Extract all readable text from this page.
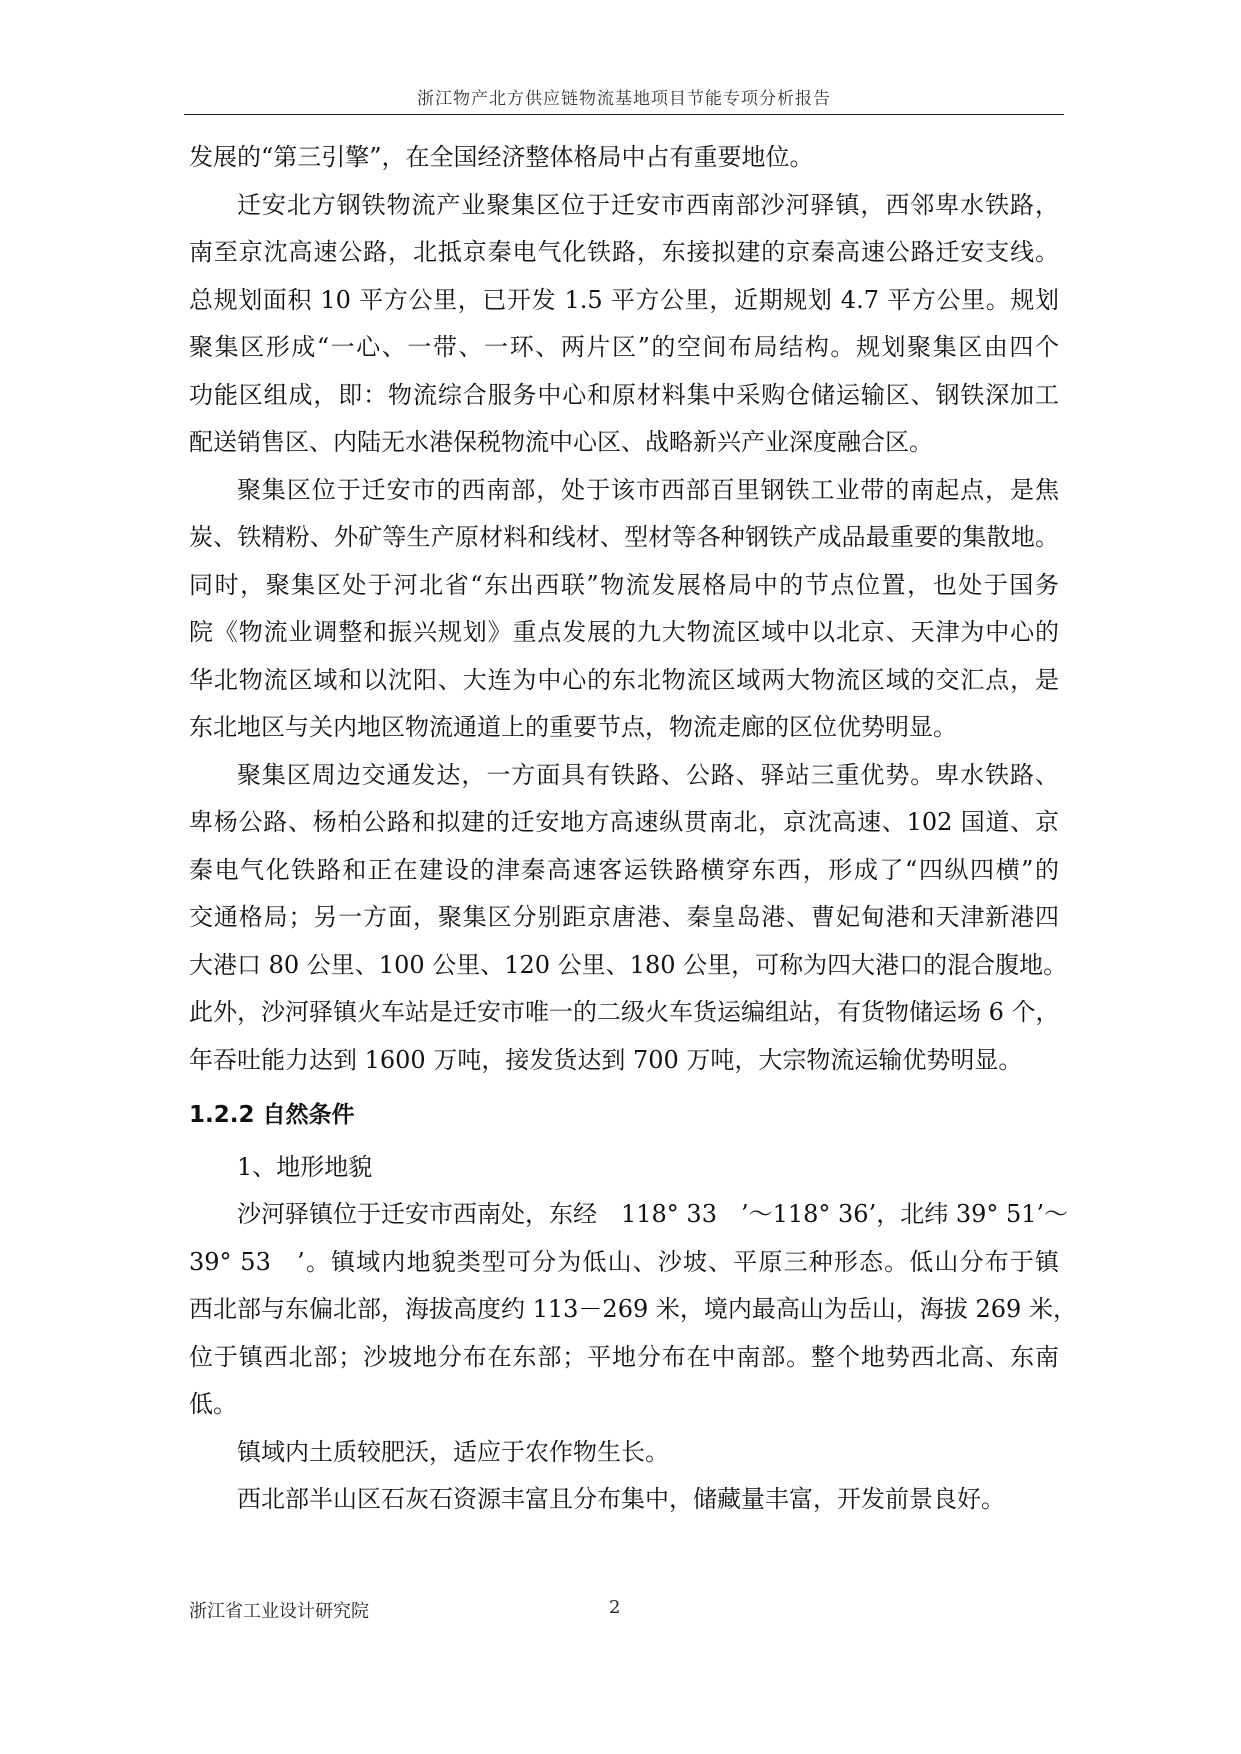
浙江物产北方供应链物流基地项目节能专项分析报告

发展的“第三引擎”，在全国经济整体格局中占有重要地位。

迁安北方钢铁物流产业聚集区位于迁安市西南部沙河驿镇，西邻卑水铁路，

南至京沈高速公路，北抵京秦电气化铁路，东接拟建的京秦高速公路迁安支线。

总规划面积 10 平方公里，已开发 1.5 平方公里，近期规划 4.7 平方公里。规划

聚集区形成“一心、一带、一环、两片区”的空间布局结构。规划聚集区由四个

功能区组成，即：物流综合服务中心和原材料集中采购仓储运输区、钢铁深加工

配送销售区、内陆无水港保税物流中心区、战略新兴产业深度融合区。

聚集区位于迁安市的西南部，处于该市西部百里钢铁工业带的南起点，是焦

炭、铁精粉、外矿等生产原材料和线材、型材等各种钢铁产成品最重要的集散地。

同时，聚集区处于河北省“东出西联”物流发展格局中的节点位置，也处于国务

院《物流业调整和振兴规划》重点发展的九大物流区域中以北京、天津为中心的

华北物流区域和以沈阳、大连为中心的东北物流区域两大物流区域的交汇点，是

东北地区与关内地区物流通道上的重要节点，物流走廊的区位优势明显。

聚集区周边交通发达，一方面具有铁路、公路、驿站三重优势。卑水铁路、

卑杨公路、杨柏公路和拟建的迁安地方高速纵贯南北，京沈高速、102 国道、京

秦电气化铁路和正在建设的津秦高速客运铁路横穿东西，形成了“四纵四横”的

交通格局；另一方面，聚集区分别距京唐港、秦皇岛港、曹妃甸港和天津新港四

大港口 80 公里、100 公里、120 公里、180 公里，可称为四大港口的混合腹地。

此外，沙河驿镇火车站是迁安市唯一的二级火车货运编组站，有货物储运场 6 个，

年吞吐能力达到 1600 万吨，接发货达到 700 万吨，大宗物流运输优势明显。

1.2.2 自然条件

1、地形地貌

沙河驿镇位于迁安市西南处，东经　118° 33　’～118° 36’，北纬 39° 51’～

39° 53　’。镇域内地貌类型可分为低山、沙坡、平原三种形态。低山分布于镇

西北部与东偏北部，海拔高度约 113－269 米，境内最高山为岳山，海拔 269 米，

位于镇西北部；沙坡地分布在东部；平地分布在中南部。整个地势西北高、东南

低。

镇域内土质较肥沃，适应于农作物生长。

西北部半山区石灰石资源丰富且分布集中，储藏量丰富，开发前景良好。

浙江省工业设计研究院	2
